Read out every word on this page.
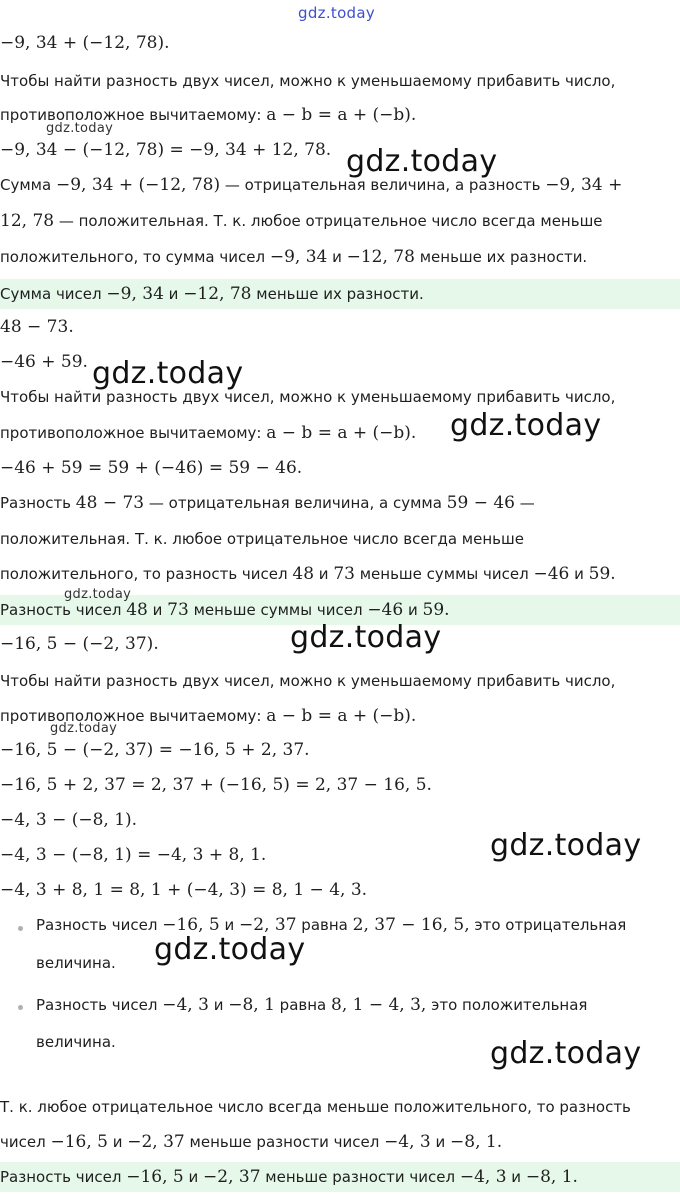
−9, 34 + (−12, 78).
Чтобы найти разность двух чисел, можно к уменьшаемому прибавить число,
противоположное вычитаемому: a − b = a + (−b).
−9, 34 − (−12, 78) = −9, 34 + 12, 78.
Сумма −9, 34 + (−12, 78) — отрицательная величина, а разность −9, 34 +
12, 78 — положительная. Т. к. любое отрицательное число всегда меньше
положительного, то сумма чисел −9, 34 и −12, 78 меньше их разности.
Сумма чисел −9, 34 и −12, 78 меньше их разности.
48 − 73.
−46 + 59.
Чтобы найти разность двух чисел, можно к уменьшаемому прибавить число,
противоположное вычитаемому: a − b = a + (−b).
−46 + 59 = 59 + (−46) = 59 − 46.
Разность 48 − 73 — отрицательная величина, а сумма 59 − 46 —
положительная. Т. к. любое отрицательное число всегда меньше
положительного, то разность чисел 48 и 73 меньше суммы чисел −46 и 59.
Разность чисел 48 и 73 меньше суммы чисел −46 и 59.
−16, 5 − (−2, 37).
Чтобы найти разность двух чисел, можно к уменьшаемому прибавить число,
противоположное вычитаемому: a − b = a + (−b).
−16, 5 − (−2, 37) = −16, 5 + 2, 37.
−16, 5 + 2, 37 = 2, 37 + (−16, 5) = 2, 37 − 16, 5.
−4, 3 − (−8, 1).
−4, 3 − (−8, 1) = −4, 3 + 8, 1.
−4, 3 + 8, 1 = 8, 1 + (−4, 3) = 8, 1 − 4, 3.
Разность чисел −16, 5 и −2, 37 равна 2, 37 − 16, 5, это отрицательная
величина.
Разность чисел −4, 3 и −8, 1 равна 8, 1 − 4, 3, это положительная
величина.
Т. к. любое отрицательное число всегда меньше положительного, то разность
чисел −16, 5 и −2, 37 меньше разности чисел −4, 3 и −8, 1.
Разность чисел −16, 5 и −2, 37 меньше разности чисел −4, 3 и −8, 1.
gdz.today
gdz.today
gdz.today
gdz.today
gdz.today
gdz.today
gdz.today
gdz.today
gdz.today
gdz.today
gdz.today
